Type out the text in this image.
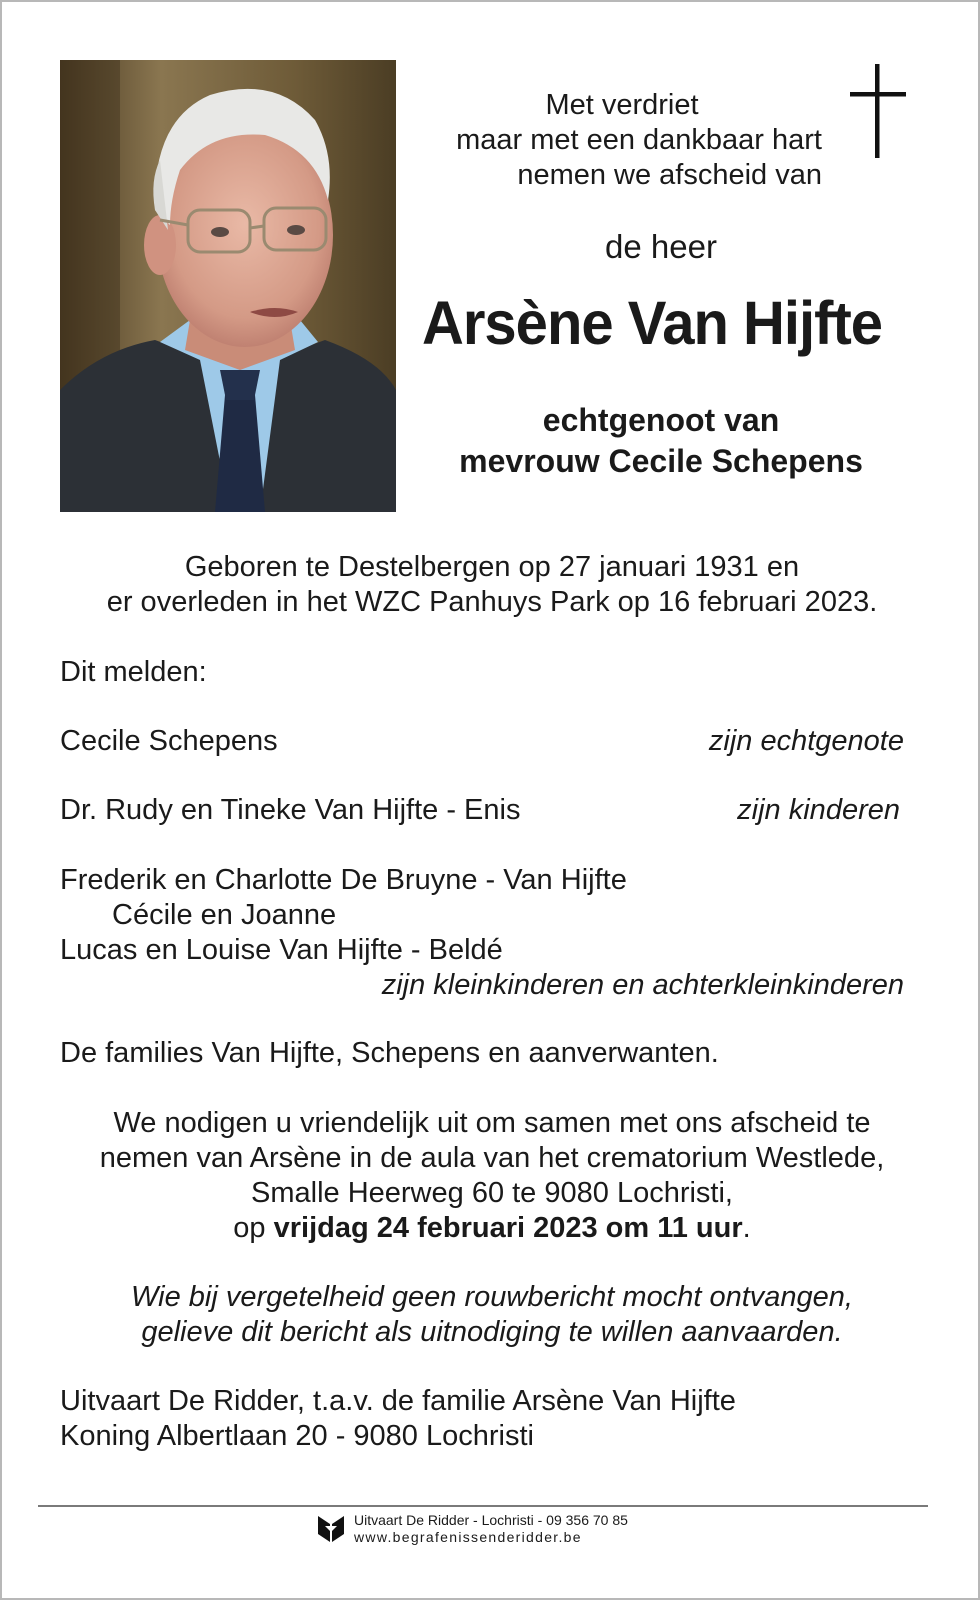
Met verdriet
maar met een dankbaar hart
nemen we afscheid van
de heer
Arsène Van Hijfte
echtgenoot van
mevrouw Cecile Schepens
Geboren te Destelbergen op 27 januari 1931 en
er overleden in het WZC Panhuys Park op 16 februari 2023.
Dit melden:
Cecile Schepens	zijn echtgenote
Dr. Rudy en Tineke Van Hijfte - Enis	zijn kinderen
Frederik en Charlotte De Bruyne - Van Hijfte
Cécile en Joanne
Lucas en Louise Van Hijfte - Beldé
zijn kleinkinderen en achterkleinkinderen
De families Van Hijfte, Schepens en aanverwanten.
We nodigen u vriendelijk uit om samen met ons afscheid te
nemen van Arsène in de aula van het crematorium Westlede,
Smalle Heerweg 60 te 9080 Lochristi,
op vrijdag 24 februari 2023 om 11 uur.
Wie bij vergetelheid geen rouwbericht mocht ontvangen,
gelieve dit bericht als uitnodiging te willen aanvaarden.
Uitvaart De Ridder, t.a.v. de familie Arsène Van Hijfte
Koning Albertlaan 20 - 9080 Lochristi
Uitvaart De Ridder - Lochristi - 09 356 70 85
www.begrafenissenderidder.be
